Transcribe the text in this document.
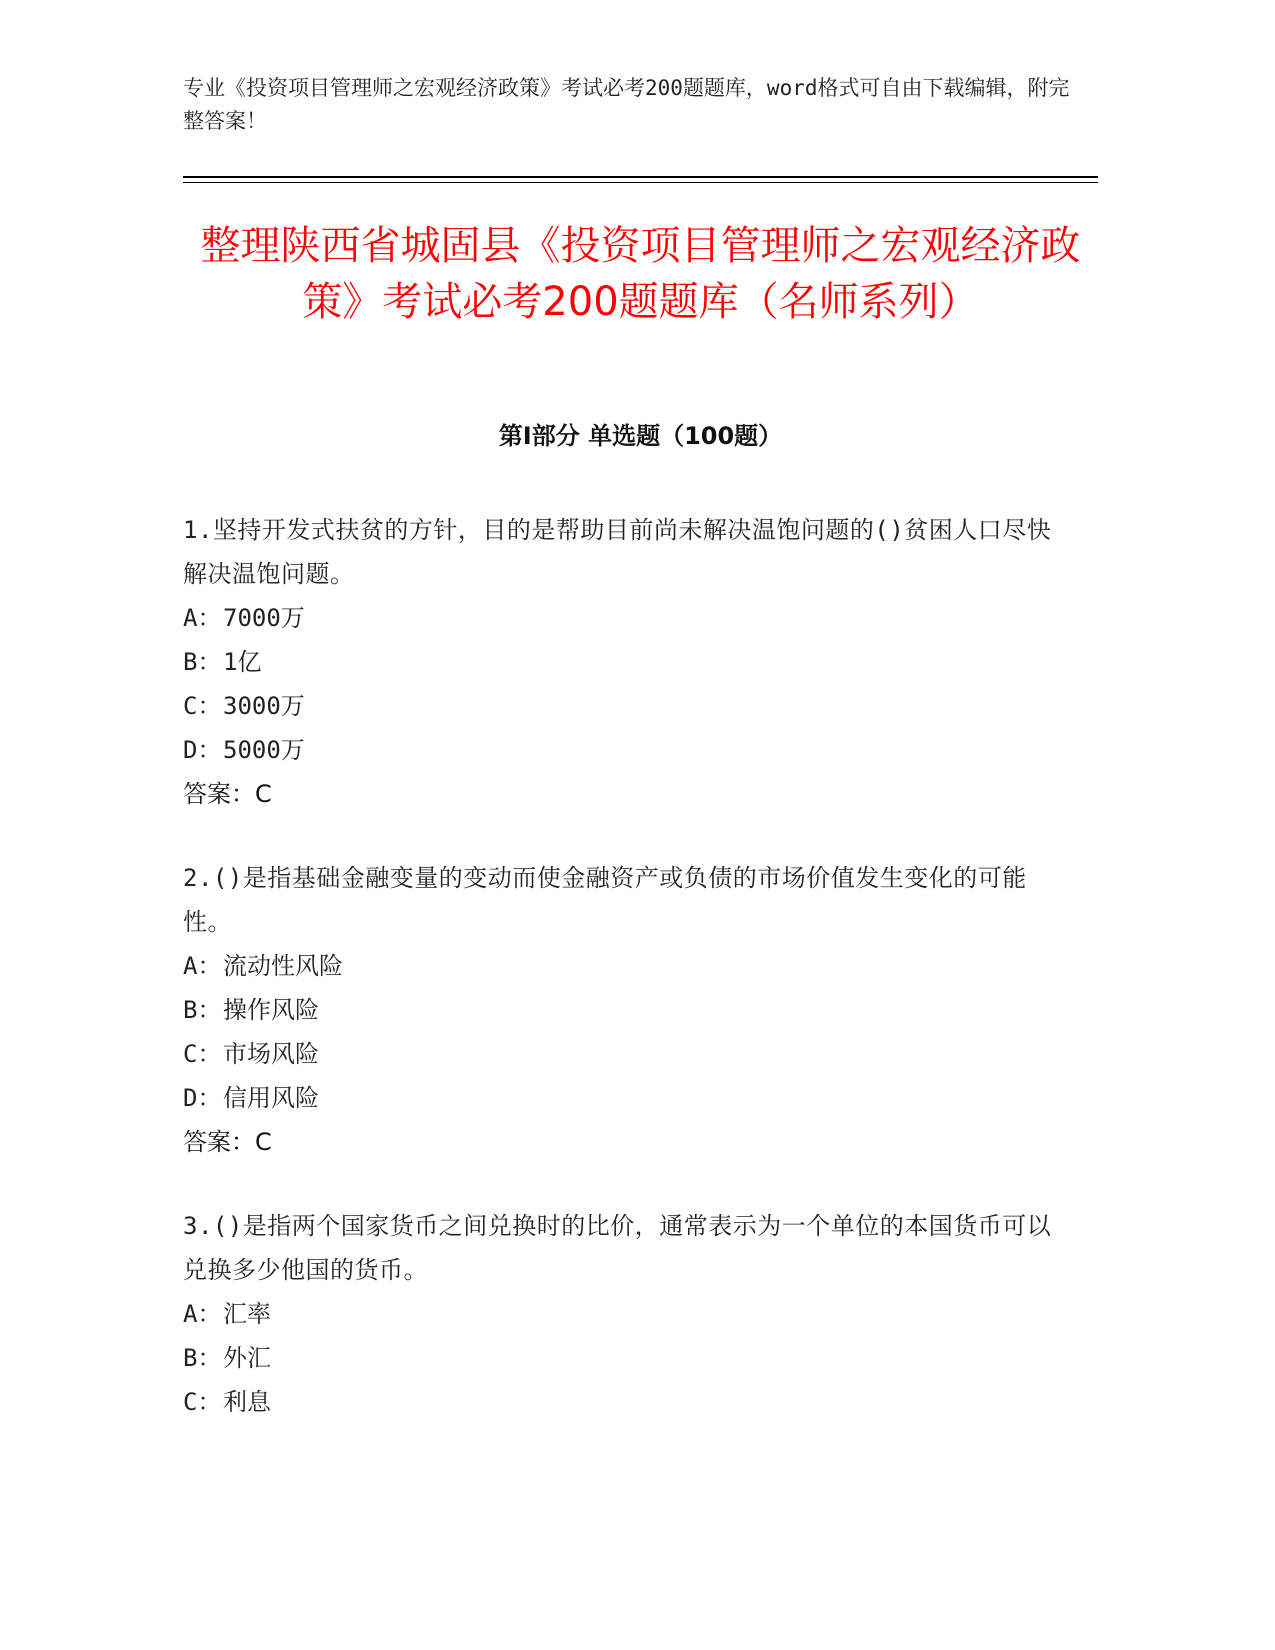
专业《投资项目管理师之宏观经济政策》考试必考200题题库，word格式可自由下载编辑，附完整答案！

整理陕西省城固县《投资项目管理师之宏观经济政策》考试必考200题题库（名师系列）
第I部分 单选题（100题）

1.坚持开发式扶贫的方针，目的是帮助目前尚未解决温饱问题的()贫困人口尽快解决温饱问题。

A：7000万
B：1亿
C：3000万
D：5000万

答案：C

2.()是指基础金融变量的变动而使金融资产或负债的市场价值发生变化的可能性。

A：流动性风险
B：操作风险
C：市场风险
D：信用风险

答案：C

3.()是指两个国家货币之间兑换时的比价，通常表示为一个单位的本国货币可以兑换多少他国的货币。

A：汇率
B：外汇
C：利息
